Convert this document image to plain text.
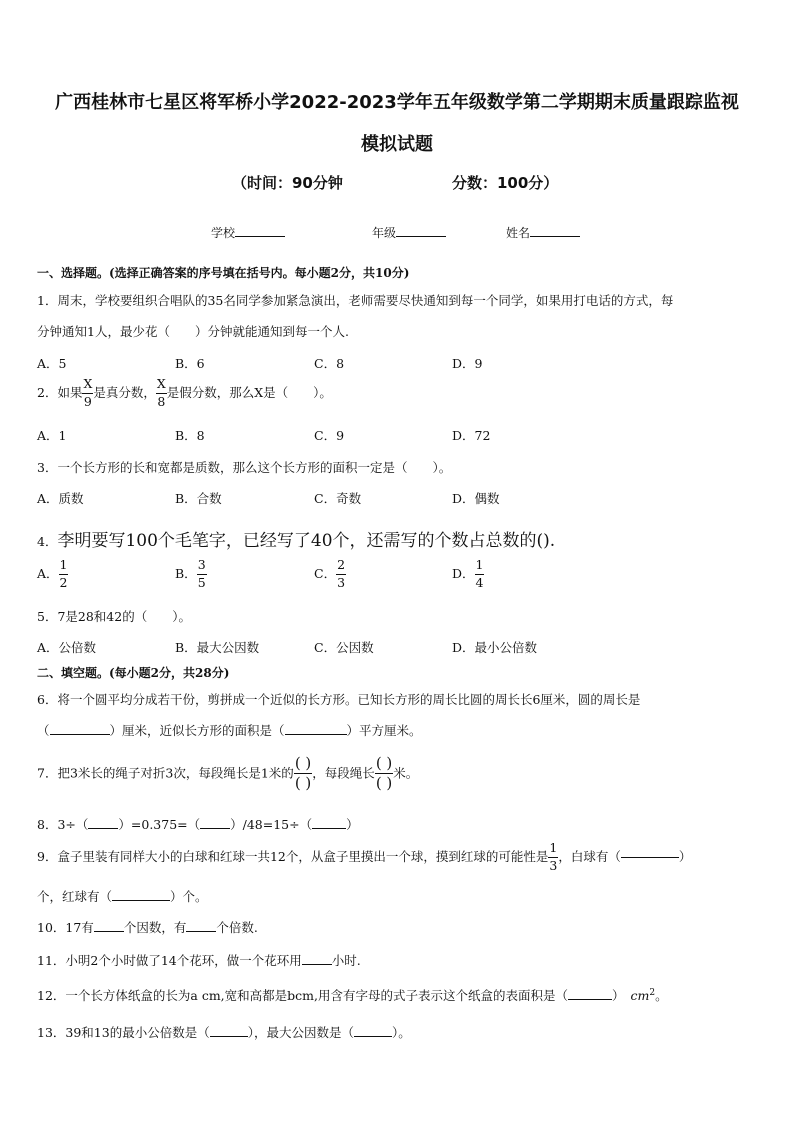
广西桂林市七星区将军桥小学2022-2023学年五年级数学第二学期期末质量跟踪监视
模拟试题
（时间：90分钟	分数：100分）
学校	年级	姓名
一、选择题。(选择正确答案的序号填在括号内。每小题2分，共10分)
1．周末，学校要组织合唱队的35名同学参加紧急演出，老师需要尽快通知到每一个同学，如果用打电话的方式，每
分钟通知1人，最少花（　　）分钟就能通知到每一个人.
A．5	B．6	C．8	D．9
2．如果 $\frac{X}{9}$ 是真分数， $\frac{X}{8}$ 是假分数，那么X是（　　）。
A．1	B．8	C．9	D．72
3．一个长方形的长和宽都是质数，那么这个长方形的面积一定是（　　）。
A．质数	B．合数	C．奇数	D．偶数
4．李明要写100个毛笔字，已经写了40个，还需写的个数占总数的().
A． $\frac{1}{2}$	B． $\frac{3}{5}$	C． $\frac{2}{3}$	D． $\frac{1}{4}$
5．7是28和42的（　　）。
A．公倍数	B．最大公因数	C．公因数	D．最小公倍数
二、填空题。(每小题2分，共28分)
6．将一个圆平均分成若干份，剪拼成一个近似的长方形。已知长方形的周长比圆的周长长6厘米，圆的周长是
（	）厘米，近似长方形的面积是（	）平方厘米。
7．把3米长的绳子对折3次，每段绳长是1米的 $\frac{( )}{( )}$ ，每段绳长 $\frac{( )}{( )}$ 米。
8．3÷（ ）=0.375=（ ）/48=15÷（	）
9．盒子里装有同样大小的白球和红球一共12个，从盒子里摸出一个球，摸到红球的可能性是 $\frac{1}{3}$ ，白球有（	）
个，红球有（	）个。
10．17有 个因数，有 个倍数.
11．小明2个小时做了14个花环，做一个花环用 小时.
12．一个长方体纸盒的长为a cm,宽和高都是bcm,用含有字母的式子表示这个纸盒的表面积是（	） $cm^2$。
13．39和13的最小公倍数是（	），最大公因数是（	）。
